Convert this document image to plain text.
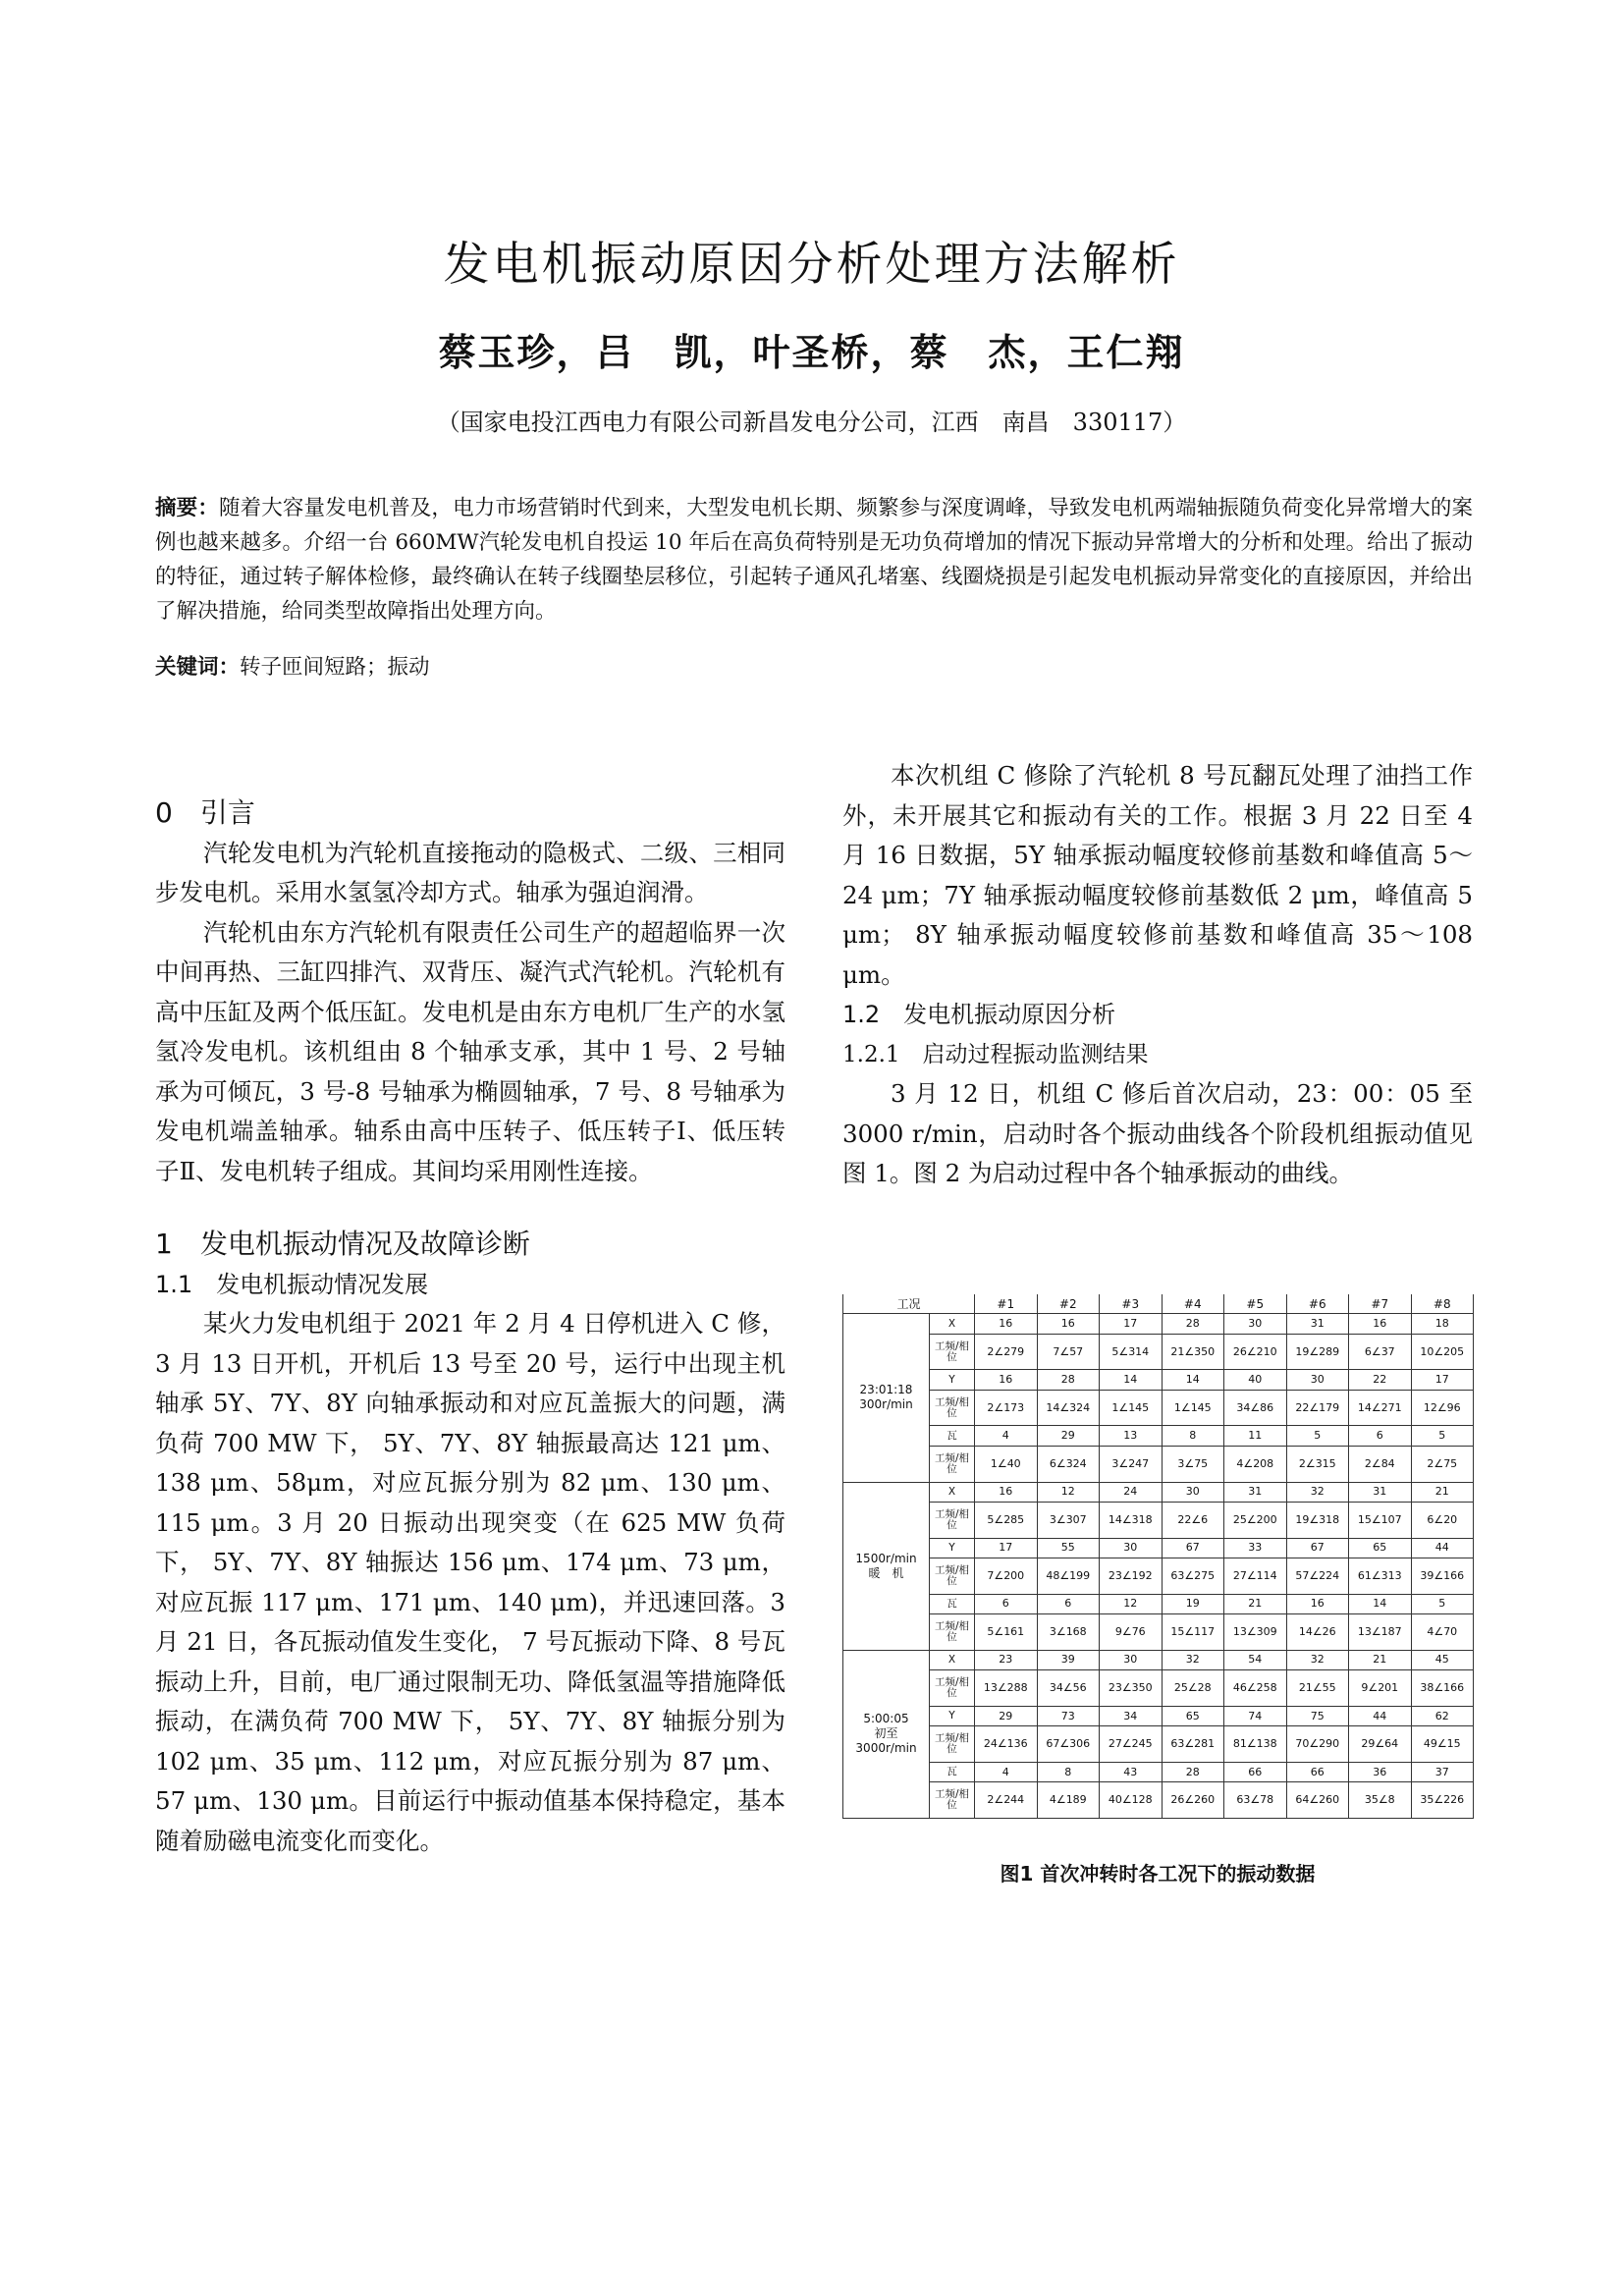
发电机振动原因分析处理方法解析
蔡玉珍，吕　凯，叶圣桥，蔡　杰，王仁翔
（国家电投江西电力有限公司新昌发电分公司，江西　南昌　330117）
摘要：随着大容量发电机普及，电力市场营销时代到来，大型发电机长期、频繁参与深度调峰，导致发电机两端轴振随负荷变化异常增大的案例也越来越多。介绍一台 660MW汽轮发电机自投运 10 年后在高负荷特别是无功负荷增加的情况下振动异常增大的分析和处理。给出了振动的特征，通过转子解体检修，最终确认在转子线圈垫层移位，引起转子通风孔堵塞、线圈烧损是引起发电机振动异常变化的直接原因，并给出了解决措施，给同类型故障指出处理方向。
关键词：转子匝间短路；振动
0　引言

汽轮发电机为汽轮机直接拖动的隐极式、二级、三相同步发电机。采用水氢氢冷却方式。轴承为强迫润滑。

汽轮机由东方汽轮机有限责任公司生产的超超临界一次中间再热、三缸四排汽、双背压、凝汽式汽轮机。汽轮机有高中压缸及两个低压缸。发电机是由东方电机厂生产的水氢氢冷发电机。该机组由 8 个轴承支承，其中 1 号、2 号轴承为可倾瓦，3 号-8 号轴承为椭圆轴承，7 号、8 号轴承为发电机端盖轴承。轴系由高中压转子、低压转子Ⅰ、低压转子Ⅱ、发电机转子组成。其间均采用刚性连接。

1　发电机振动情况及故障诊断
1.1　发电机振动情况发展

某火力发电机组于 2021 年 2 月 4 日停机进入 C 修，3 月 13 日开机，开机后 13 号至 20 号，运行中出现主机轴承 5Y、7Y、8Y 向轴承振动和对应瓦盖振大的问题，满负荷 700 MW 下， 5Y、7Y、8Y 轴振最高达 121 μm、138 μm、58μm，对应瓦振分别为 82 μm、130 μm、115 μm。3 月 20 日振动出现突变（在 625 MW 负荷下， 5Y、7Y、8Y 轴振达 156 μm、174 μm、73 μm，对应瓦振 117 μm、171 μm、140 μm)，并迅速回落。3 月 21 日，各瓦振动值发生变化， 7 号瓦振动下降、8 号瓦振动上升，目前，电厂通过限制无功、降低氢温等措施降低振动，在满负荷 700 MW 下， 5Y、7Y、8Y 轴振分别为 102 μm、35 μm、112 μm，对应瓦振分别为 87 μm、57 μm、130 μm。目前运行中振动值基本保持稳定，基本随着励磁电流变化而变化。

本次机组 C 修除了汽轮机 8 号瓦翻瓦处理了油挡工作外，未开展其它和振动有关的工作。根据 3 月 22 日至 4 月 16 日数据，5Y 轴承振动幅度较修前基数和峰值高 5～24 μm；7Y 轴承振动幅度较修前基数低 2 μm，峰值高 5 μm； 8Y 轴承振动幅度较修前基数和峰值高 35～108 μm。

1.2　发电机振动原因分析
1.2.1　启动过程振动监测结果

3 月 12 日，机组 C 修后首次启动，23：00：05 至 3000 r/min，启动时各个振动曲线各个阶段机组振动值见图 1。图 2 为启动过程中各个轴承振动的曲线。

工况		#1	#2	#3	#4	#5	#6	#7	#8
23:01:18
300r/min	X	16	16	17	28	30	31	16	18
	工频/相位	2∠279	7∠57	5∠314	21∠350	26∠210	19∠289	6∠37	10∠205
	Y	16	28	14	14	40	30	22	17
	工频/相位	2∠173	14∠324	1∠145	1∠145	34∠86	22∠179	14∠271	12∠96
	瓦	4	29	13	8	11	5	6	5
	工频/相位	1∠40	6∠324	3∠247	3∠75	4∠208	2∠315	2∠84	2∠75
1500r/min
暖　机	X	16	12	24	30	31	32	31	21
	工频/相位	5∠285	3∠307	14∠318	22∠6	25∠200	19∠318	15∠107	6∠20
	Y	17	55	30	67	33	67	65	44
	工频/相位	7∠200	48∠199	23∠192	63∠275	27∠114	57∠224	61∠313	39∠166
	瓦	6	6	12	19	21	16	14	5
	工频/相位	5∠161	3∠168	9∠76	15∠117	13∠309	14∠26	13∠187	4∠70
5:00:05
初至
3000r/min	X	23	39	30	32	54	32	21	45
	工频/相位	13∠288	34∠56	23∠350	25∠28	46∠258	21∠55	9∠201	38∠166
	Y	29	73	34	65	74	75	44	62
	工频/相位	24∠136	67∠306	27∠245	63∠281	81∠138	70∠290	29∠64	49∠15
	瓦	4	8	43	28	66	66	36	37
	工频/相位	2∠244	4∠189	40∠128	26∠260	63∠78	64∠260	35∠8	35∠226
图1 首次冲转时各工况下的振动数据
